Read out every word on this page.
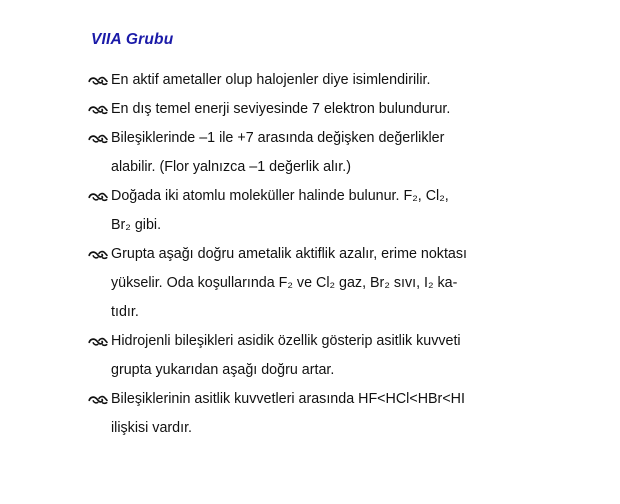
VIIA Grubu
En aktif ametaller olup halojenler diye isimlendirilir.
En dış temel enerji seviyesinde 7 elektron bulundurur.
Bileşiklerinde –1 ile +7 arasında değişken değerlikler
alabilir. (Flor yalnızca –1 değerlik alır.)
Doğada iki atomlu moleküller halinde bulunur. F₂, Cl₂,
Br₂ gibi.
Grupta aşağı doğru ametalik aktiflik azalır, erime noktası
yükselir. Oda koşullarında F₂ ve Cl₂ gaz, Br₂ sıvı, I₂ ka-
tıdır.
Hidrojenli bileşikleri asidik özellik gösterip asitlik kuvveti
grupta yukarıdan aşağı doğru artar.
Bileşiklerinin asitlik kuvvetleri arasında HF<HCl<HBr<HI
ilişkisi vardır.
